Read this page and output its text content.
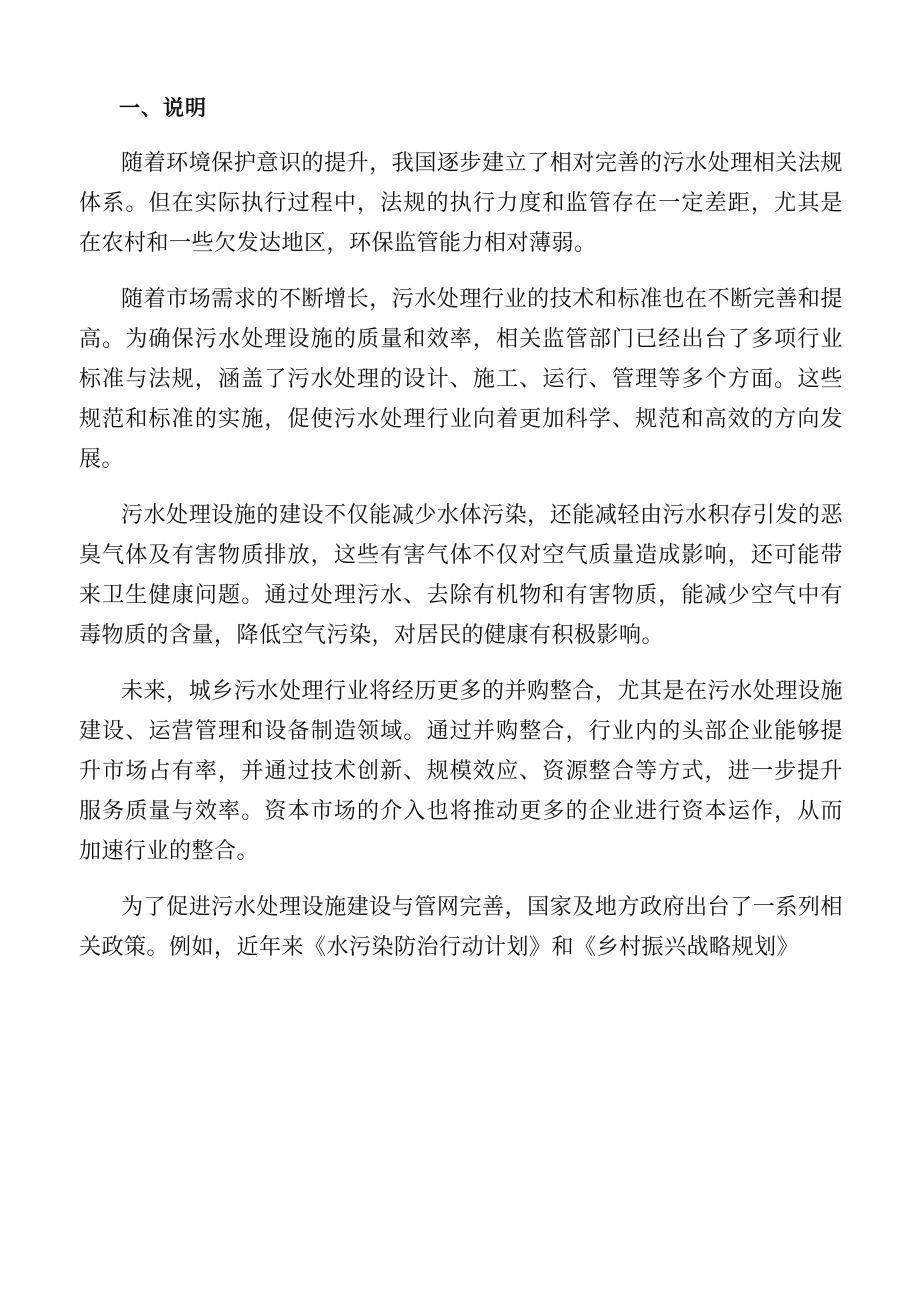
一、说明

随着环境保护意识的提升，我国逐步建立了相对完善的污水处理相关法规体系。但在实际执行过程中，法规的执行力度和监管存在一定差距，尤其是在农村和一些欠发达地区，环保监管能力相对薄弱。

随着市场需求的不断增长，污水处理行业的技术和标准也在不断完善和提高。为确保污水处理设施的质量和效率，相关监管部门已经出台了多项行业标准与法规，涵盖了污水处理的设计、施工、运行、管理等多个方面。这些规范和标准的实施，促使污水处理行业向着更加科学、规范和高效的方向发展。

污水处理设施的建设不仅能减少水体污染，还能减轻由污水积存引发的恶臭气体及有害物质排放，这些有害气体不仅对空气质量造成影响，还可能带来卫生健康问题。通过处理污水、去除有机物和有害物质，能减少空气中有毒物质的含量，降低空气污染，对居民的健康有积极影响。

未来，城乡污水处理行业将经历更多的并购整合，尤其是在污水处理设施建设、运营管理和设备制造领域。通过并购整合，行业内的头部企业能够提升市场占有率，并通过技术创新、规模效应、资源整合等方式，进一步提升服务质量与效率。资本市场的介入也将推动更多的企业进行资本运作，从而加速行业的整合。

为了促进污水处理设施建设与管网完善，国家及地方政府出台了一系列相关政策。例如，近年来《水污染防治行动计划》和《乡村振兴战略规划》
